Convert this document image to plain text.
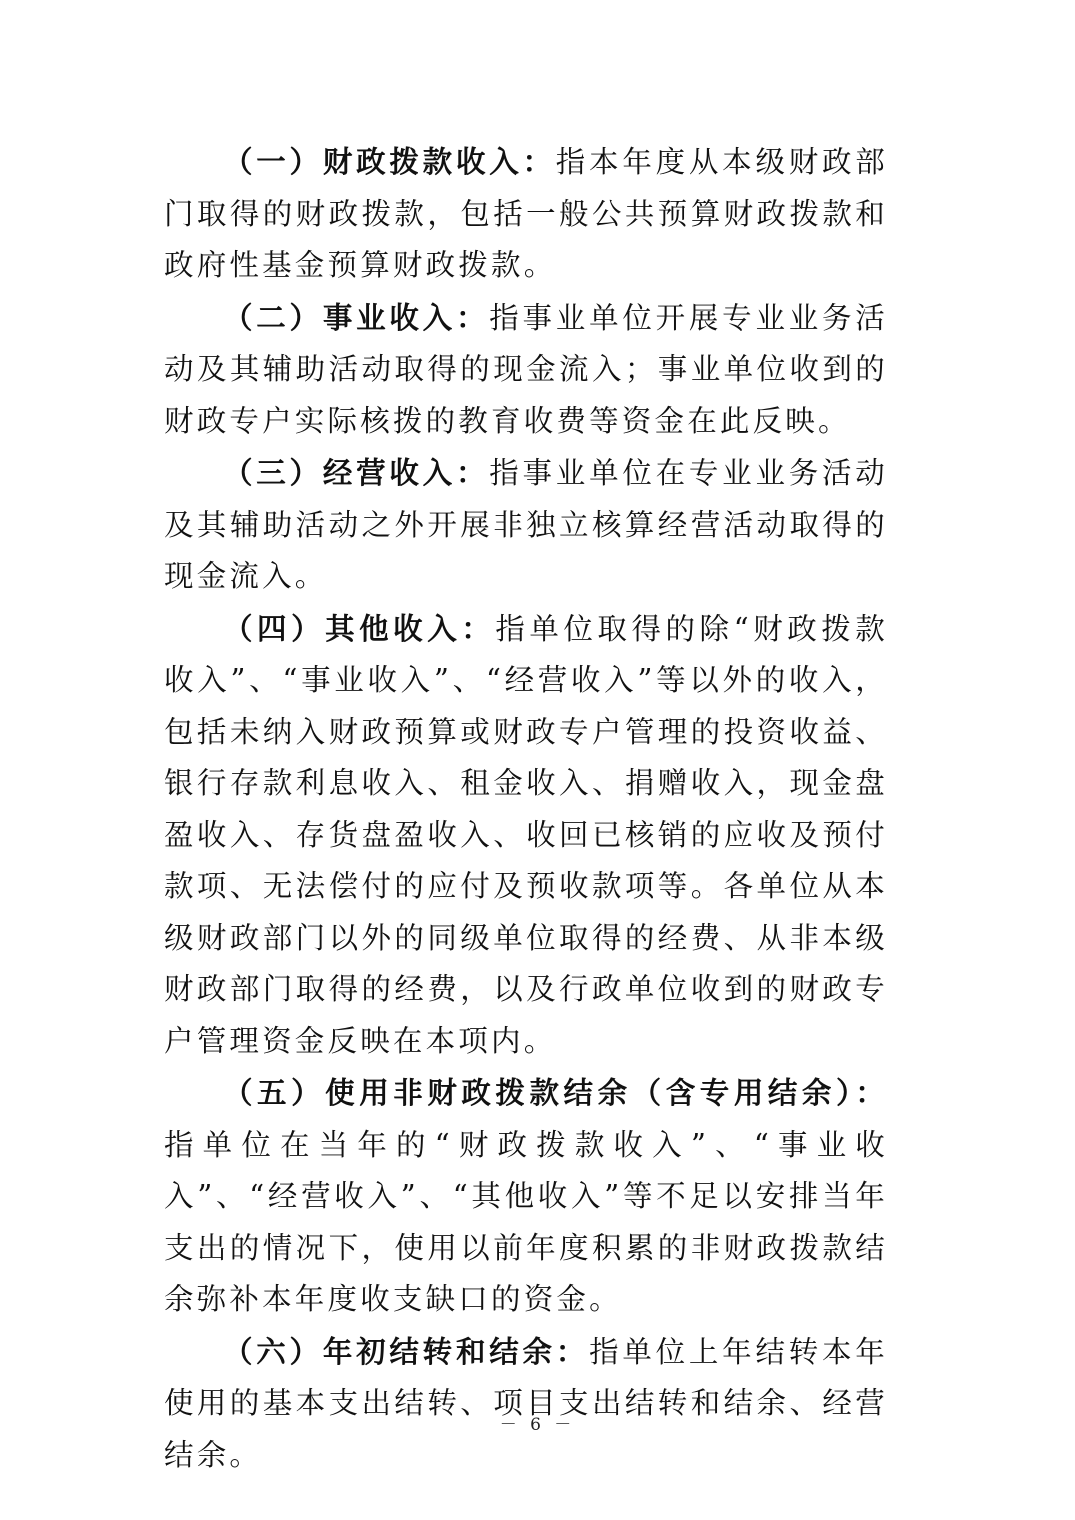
（一）财政拨款收入：指本年度从本级财政部门取得的财政拨款，包括一般公共预算财政拨款和政府性基金预算财政拨款。

（二）事业收入：指事业单位开展专业业务活动及其辅助活动取得的现金流入；事业单位收到的财政专户实际核拨的教育收费等资金在此反映。

（三）经营收入：指事业单位在专业业务活动及其辅助活动之外开展非独立核算经营活动取得的现金流入。

（四）其他收入：指单位取得的除“财政拨款收入”、“事业收入”、“经营收入”等以外的收入，包括未纳入财政预算或财政专户管理的投资收益、银行存款利息收入、租金收入、捐赠收入，现金盘盈收入、存货盘盈收入、收回已核销的应收及预付款项、无法偿付的应付及预收款项等。各单位从本级财政部门以外的同级单位取得的经费、从非本级财政部门取得的经费，以及行政单位收到的财政专户管理资金反映在本项内。

（五）使用非财政拨款结余（含专用结余）：指单位在当年的“财政拨款收入”、“事业收入”、“经营收入”、“其他收入”等不足以安排当年支出的情况下，使用以前年度积累的非财政拨款结余弥补本年度收支缺口的资金。

（六）年初结转和结余：指单位上年结转本年使用的基本支出结转、项目支出结转和结余、经营结余。

－ 6 －
